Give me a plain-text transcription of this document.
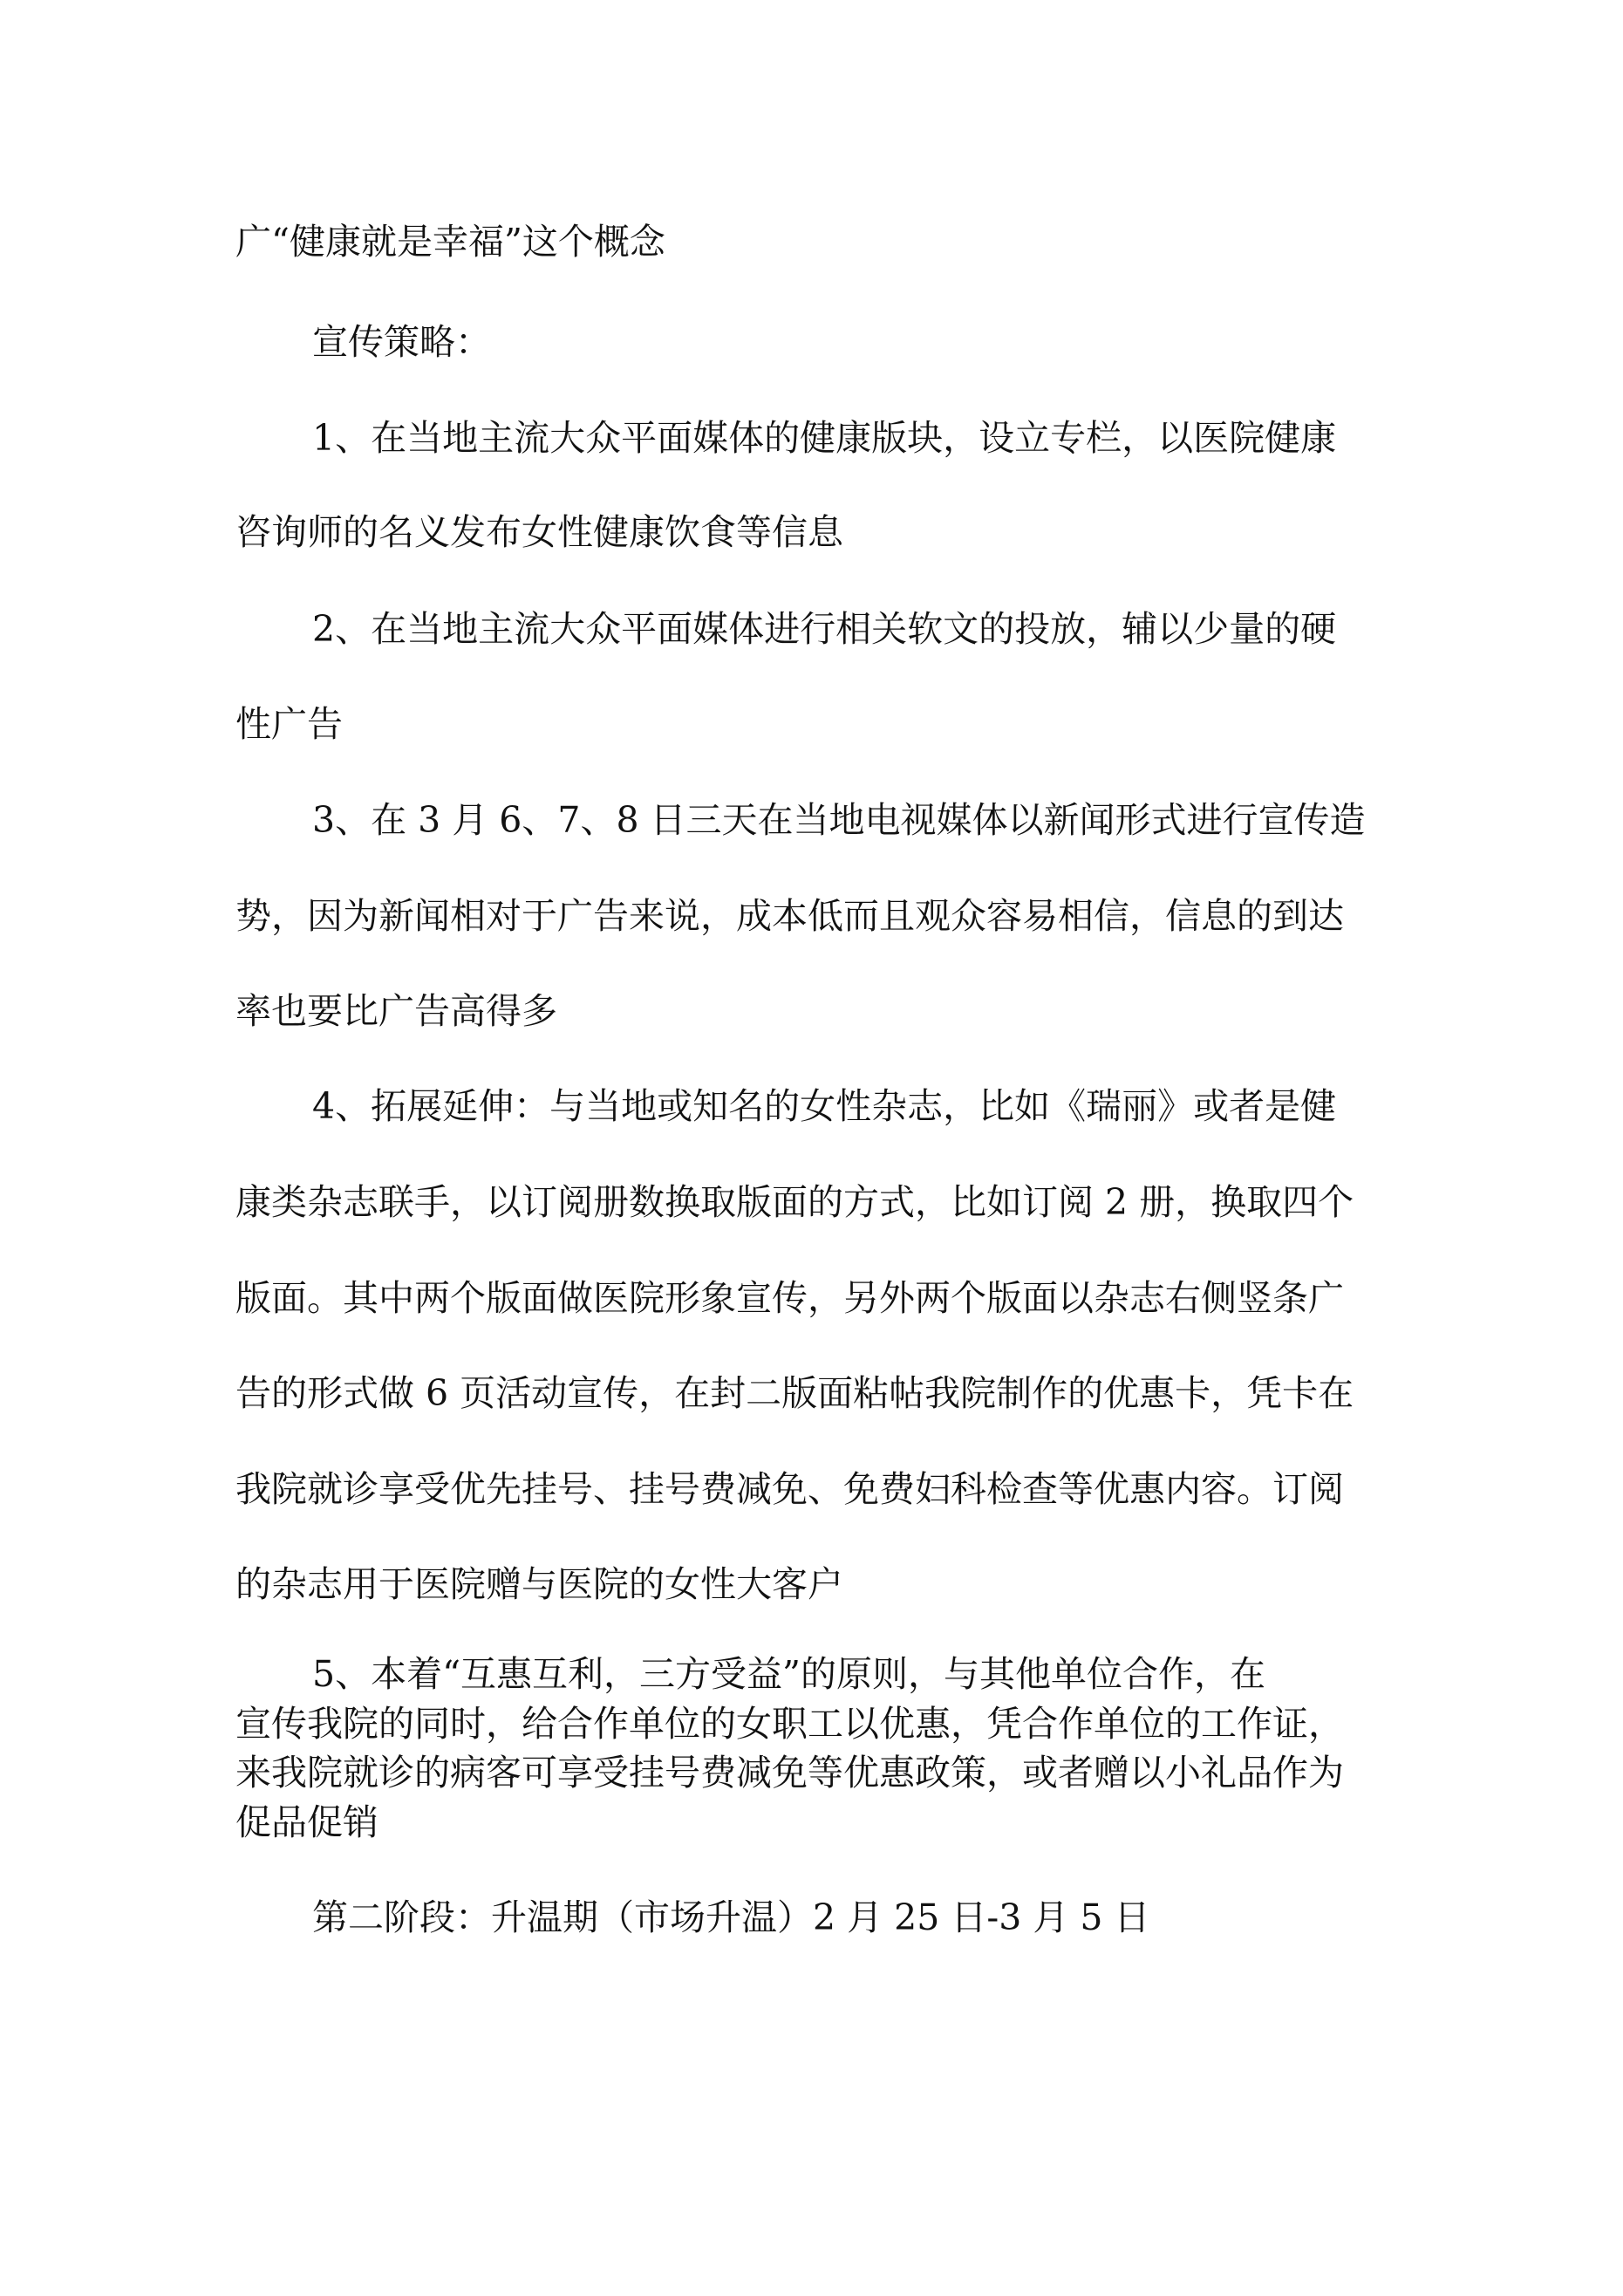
广“健康就是幸福”这个概念
宣传策略：
1、在当地主流大众平面媒体的健康版块，设立专栏，以医院健康
咨询师的名义发布女性健康饮食等信息
2、在当地主流大众平面媒体进行相关软文的投放，辅以少量的硬
性广告
3、在 3 月 6、7、8 日三天在当地电视媒体以新闻形式进行宣传造
势，因为新闻相对于广告来说，成本低而且观众容易相信，信息的到达
率也要比广告高得多
4、拓展延伸：与当地或知名的女性杂志，比如《瑞丽》或者是健
康类杂志联手，以订阅册数换取版面的方式，比如订阅 2 册，换取四个
版面。其中两个版面做医院形象宣传，另外两个版面以杂志右侧竖条广
告的形式做 6 页活动宣传，在封二版面粘帖我院制作的优惠卡，凭卡在
我院就诊享受优先挂号、挂号费减免、免费妇科检查等优惠内容。订阅
的杂志用于医院赠与医院的女性大客户
5、本着“互惠互利，三方受益”的原则，与其他单位合作，在
宣传我院的同时，给合作单位的女职工以优惠，凭合作单位的工作证，
来我院就诊的病客可享受挂号费减免等优惠政策，或者赠以小礼品作为
促品促销
第二阶段：升温期（市场升温）2 月 25 日-3 月 5 日
